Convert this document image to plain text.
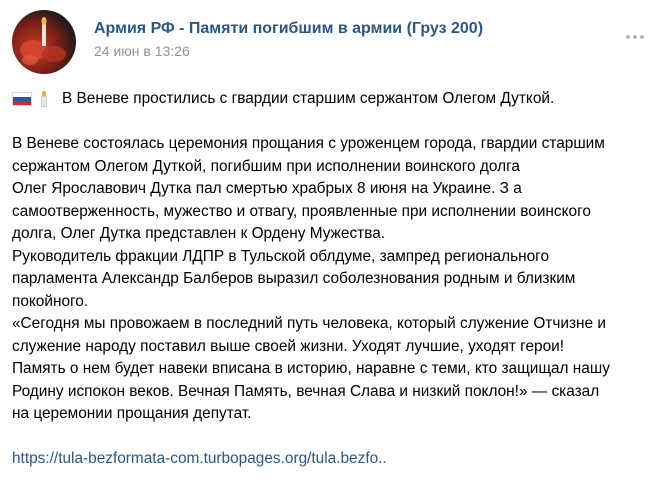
Армия РФ - Памяти погибшим в армии (Груз 200)
24 июн в 13:26
В Веневе простились с гвардии старшим сержантом Олегом Дуткой.
В Веневе состоялась церемония прощания с уроженцем города, гвардии старшим
сержантом Олегом Дуткой, погибшим при исполнении воинского долга
Олег Ярославович Дутка пал смертью храбрых 8 июня на Украине. З а
самоотверженность, мужество и отвагу, проявленные при исполнении воинского
долга, Олег Дутка представлен к Ордену Мужества.
Руководитель фракции ЛДПР в Тульской облдуме, зампред регионального
парламента Александр Балберов выразил соболезнования родным и близким
покойного.
«Сегодня мы провожаем в последний путь человека, который служение Отчизне и
служение народу поставил выше своей жизни. Уходят лучшие, уходят герои!
Память о нем будет навеки вписана в историю, наравне с теми, кто защищал нашу
Родину испокон веков. Вечная Память, вечная Слава и низкий поклон!» — сказал
на церемонии прощания депутат.
https://tula-bezformata-com.turbopages.org/tula.bezfo..
